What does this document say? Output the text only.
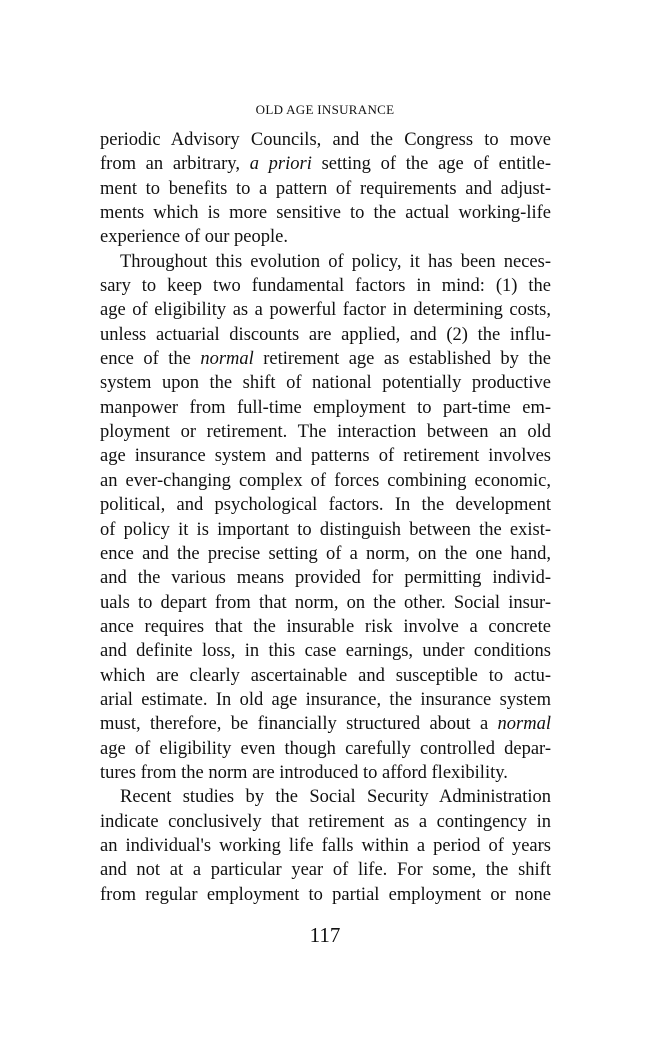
OLD AGE INSURANCE
periodic Advisory Councils, and the Congress to move
from an arbitrary, a priori setting of the age of entitle-
ment to benefits to a pattern of requirements and adjust-
ments which is more sensitive to the actual working-life
experience of our people.
Throughout this evolution of policy, it has been neces-
sary to keep two fundamental factors in mind: (1) the
age of eligibility as a powerful factor in determining costs,
unless actuarial discounts are applied, and (2) the influ-
ence of the normal retirement age as established by the
system upon the shift of national potentially productive
manpower from full-time employment to part-time em-
ployment or retirement. The interaction between an old
age insurance system and patterns of retirement involves
an ever-changing complex of forces combining economic,
political, and psychological factors. In the development
of policy it is important to distinguish between the exist-
ence and the precise setting of a norm, on the one hand,
and the various means provided for permitting individ-
uals to depart from that norm, on the other. Social insur-
ance requires that the insurable risk involve a concrete
and definite loss, in this case earnings, under conditions
which are clearly ascertainable and susceptible to actu-
arial estimate. In old age insurance, the insurance system
must, therefore, be financially structured about a normal
age of eligibility even though carefully controlled depar-
tures from the norm are introduced to afford flexibility.
Recent studies by the Social Security Administration
indicate conclusively that retirement as a contingency in
an individual's working life falls within a period of years
and not at a particular year of life. For some, the shift
from regular employment to partial employment or none
117
